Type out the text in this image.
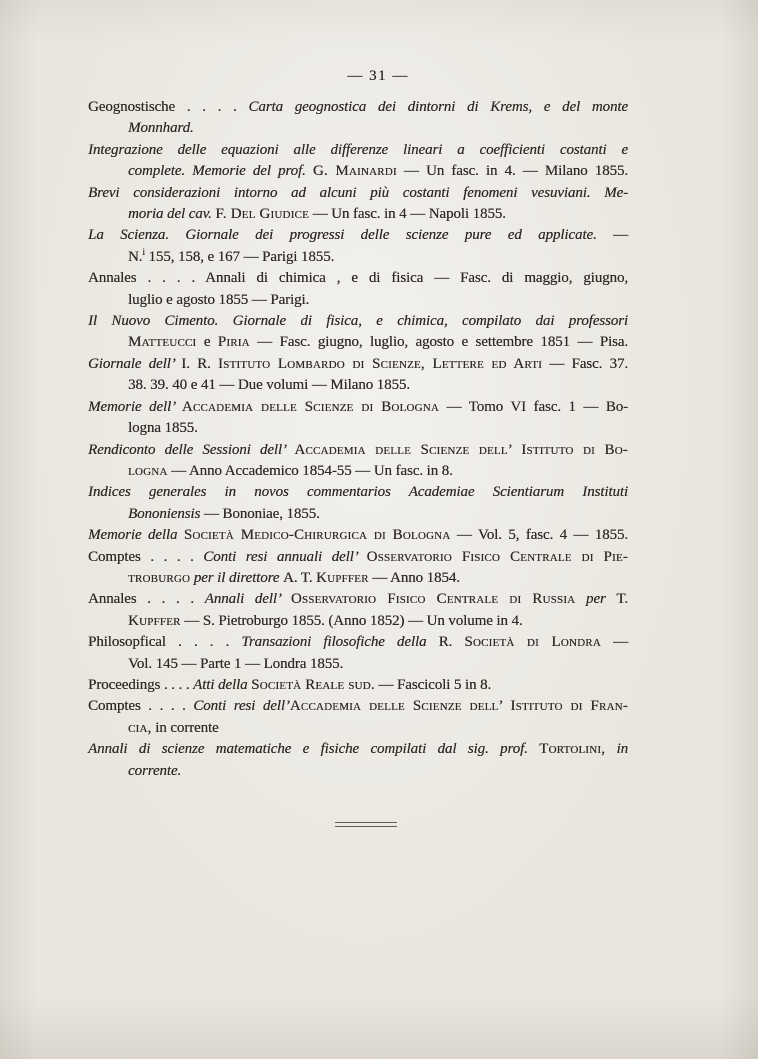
— 31 —
Geognostische . . . . Carta geognostica dei dintorni di Krems, e del monte
Monnhard.
Integrazione delle equazioni alle differenze lineari a coefficienti costanti e
complete. Memorie del prof. G. Mainardi — Un fasc. in 4. — Milano 1855.
Brevi considerazioni intorno ad alcuni più costanti fenomeni vesuviani. Me-
moria del cav. F. Del Giudice — Un fasc. in 4 — Napoli 1855.
La Scienza. Giornale dei progressi delle scienze pure ed applicate. —
N.$^i$ 155, 158, e 167 — Parigi 1855.
Annales . . . . Annali di chimica , e di fisica — Fasc. di maggio, giugno,
luglio e agosto 1855 — Parigi.
Il Nuovo Cimento. Giornale di fisica, e chimica, compilato dai professori
Matteucci e Piria — Fasc. giugno, luglio, agosto e settembre 1851 — Pisa.
Giornale dell’ I. R. Istituto Lombardo di Scienze, Lettere ed Arti — Fasc. 37.
38. 39. 40 e 41 — Due volumi — Milano 1855.
Memorie dell’ Accademia delle Scienze di Bologna — Tomo VI fasc. 1 — Bo-
logna 1855.
Rendiconto delle Sessioni dell’ Accademia delle Scienze dell’ Istituto di Bo-
logna — Anno Accademico 1854-55 — Un fasc. in 8.
Indices generales in novos commentarios Academiae Scientiarum Instituti
Bononiensis — Bononiae, 1855.
Memorie della Società Medico-Chirurgica di Bologna — Vol. 5, fasc. 4 — 1855.
Comptes . . . . Conti resi annuali dell’ Osservatorio Fisico Centrale di Pie-
troburgo per il direttore A. T. Kupffer — Anno 1854.
Annales . . . . Annali dell’ Osservatorio Fisico Centrale di Russia per T.
Kupffer — S. Pietroburgo 1855. (Anno 1852) — Un volume in 4.
Philosopfical . . . . Transazioni filosofiche della R. Società di Londra —
Vol. 145 — Parte 1 — Londra 1855.
Proceedings . . . . Atti della Società Reale sud. — Fascicoli 5 in 8.
Comptes . . . . Conti resi dell’Accademia delle Scienze dell’ Istituto di Fran-
cia, in corrente
Annali di scienze matematiche e fisiche compilati dal sig. prof. Tortolini, in
corrente.
